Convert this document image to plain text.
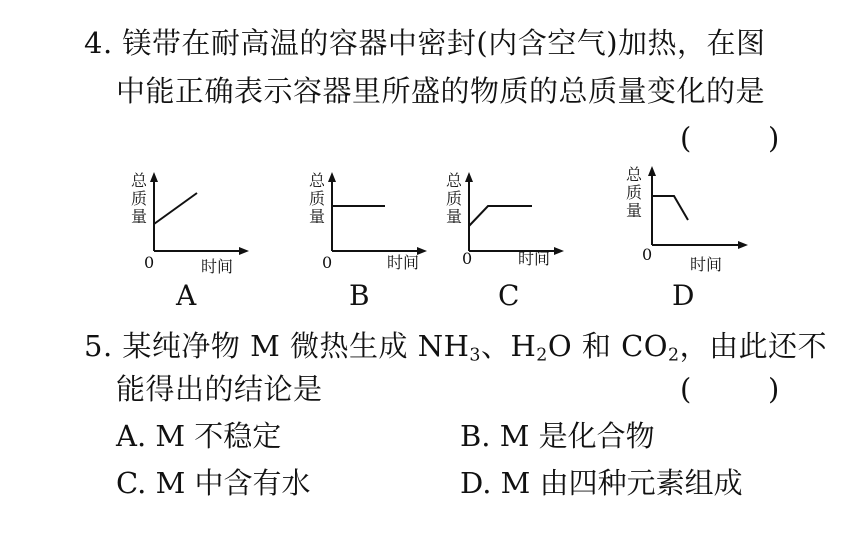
4. 镁带在耐高温的容器中密封(内含空气)加热，在图
中能正确表示容器里所盛的物质的总质量变化的是
(	)
总
质
量
0	时间
总
质
量
0	时间
总
质
量
0	时间
总
质
量
0
时间
A	B	C	D
5. 某纯净物 M 微热生成 $NH_3$、$H_2O$ 和 $CO_2$，由此还不
能得出的结论是	(	)
A. M 不稳定	B. M 是化合物
C. M 中含有水	D. M 由四种元素组成
